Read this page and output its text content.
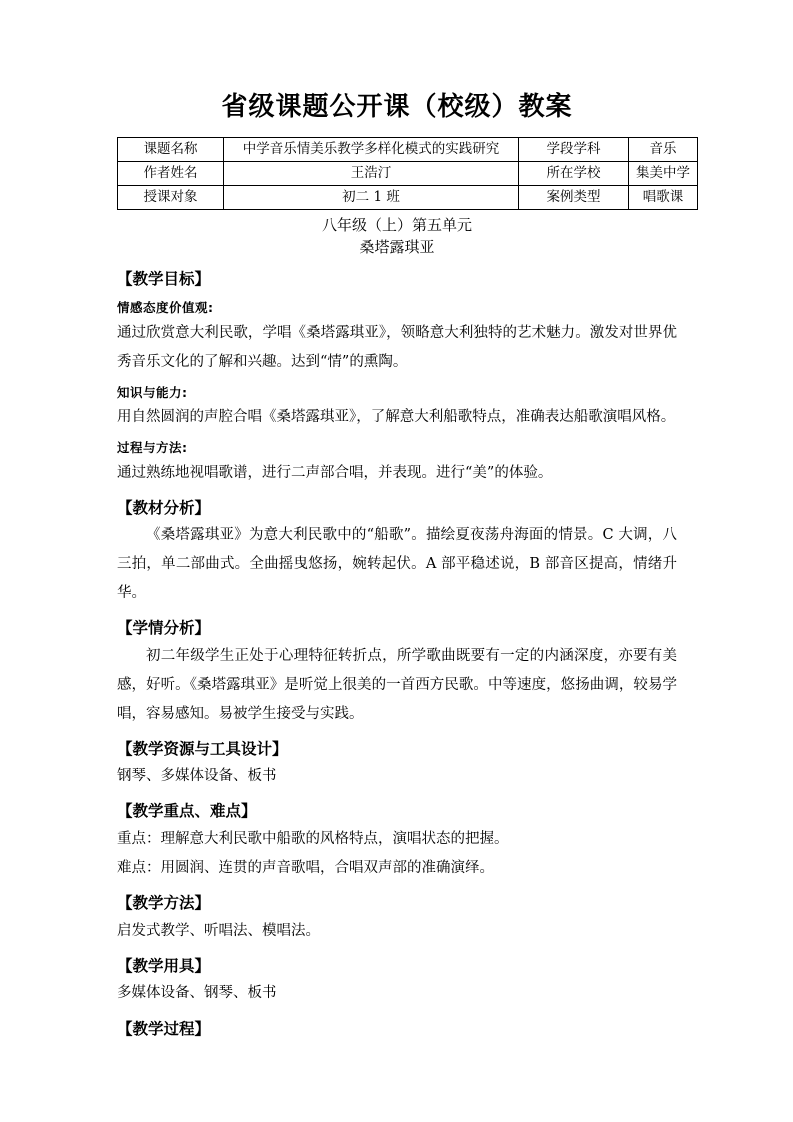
省级课题公开课（校级）教案
课题名称	中学音乐情美乐教学多样化模式的实践研究	学段学科	音乐
作者姓名	王浩汀	所在学校	集美中学
授课对象	初二 1 班	案例类型	唱歌课

八年级（上）第五单元

桑塔露琪亚

【教学目标】

情感态度价值观:

通过欣赏意大利民歌，学唱《桑塔露琪亚》，领略意大利独特的艺术魅力。激发对世界优秀音乐文化的了解和兴趣。达到“情”的熏陶。

知识与能力:

用自然圆润的声腔合唱《桑塔露琪亚》，了解意大利船歌特点，准确表达船歌演唱风格。

过程与方法:

通过熟练地视唱歌谱，进行二声部合唱，并表现。进行“美”的体验。

【教材分析】

《桑塔露琪亚》为意大利民歌中的“船歌”。描绘夏夜荡舟海面的情景。C 大调，八三拍，单二部曲式。全曲摇曳悠扬，婉转起伏。A 部平稳述说，B 部音区提高，情绪升华。

【学情分析】

初二年级学生正处于心理特征转折点，所学歌曲既要有一定的内涵深度，亦要有美感，好听。《桑塔露琪亚》是听觉上很美的一首西方民歌。中等速度，悠扬曲调，较易学唱，容易感知。易被学生接受与实践。

【教学资源与工具设计】

钢琴、多媒体设备、板书

【教学重点、难点】

重点：理解意大利民歌中船歌的风格特点，演唱状态的把握。

难点：用圆润、连贯的声音歌唱，合唱双声部的准确演绎。

【教学方法】

启发式教学、听唱法、模唱法。

【教学用具】

多媒体设备、钢琴、板书

【教学过程】
